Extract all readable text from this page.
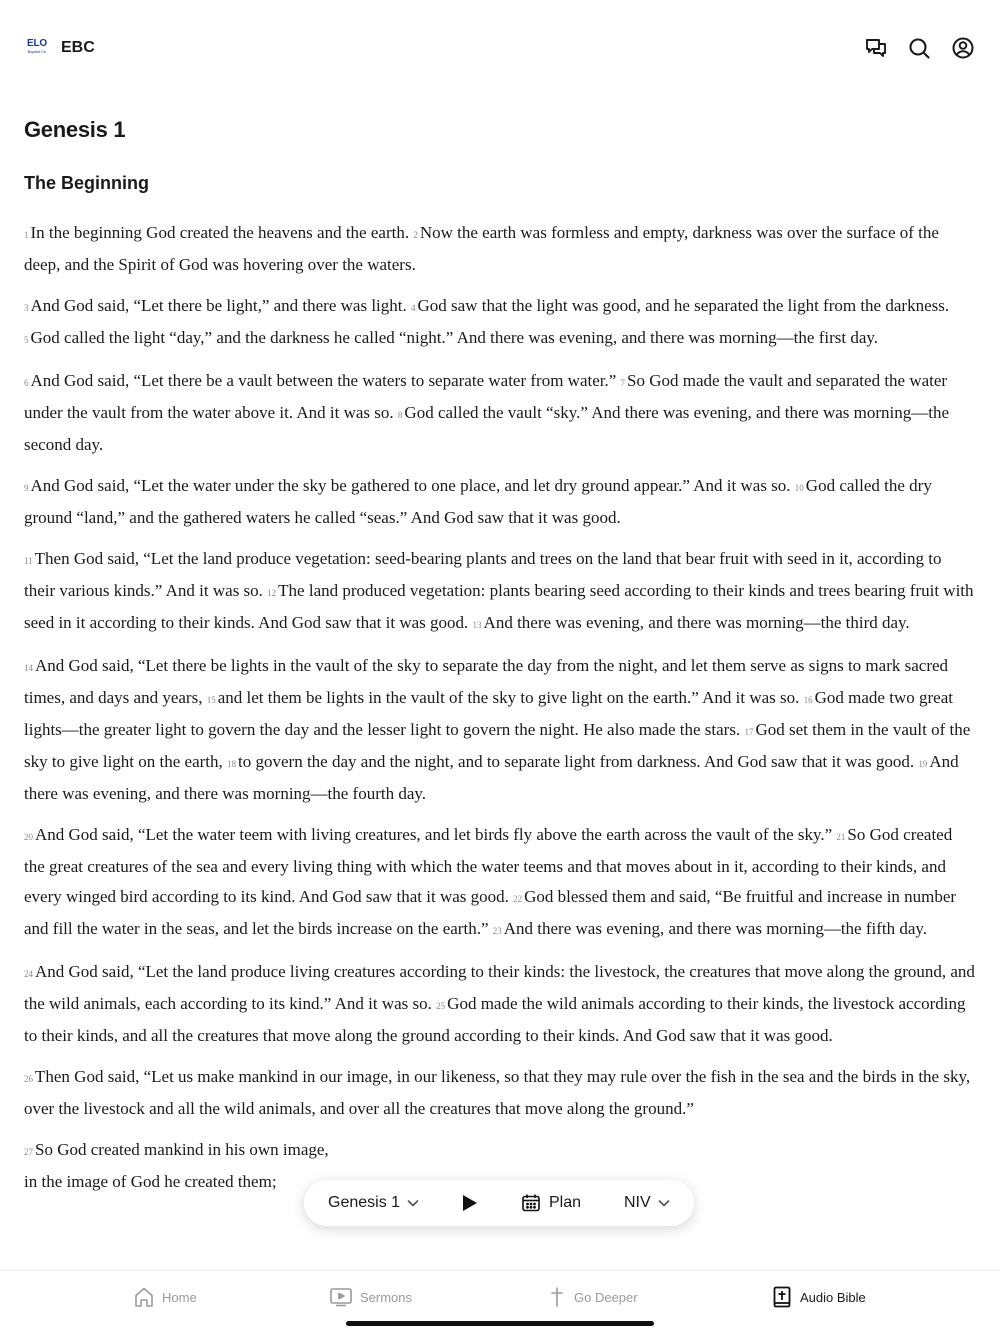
ELO
Baptist Ch EBC
Genesis 1
The Beginning

1 In the beginning God created the heavens and the earth. 2 Now the earth was formless and empty, darkness was over the surface of the deep, and the Spirit of God was hovering over the waters.

3 And God said, “Let there be light,” and there was light. 4 God saw that the light was good, and he separated the light from the darkness. 5 God called the light “day,” and the darkness he called “night.” And there was evening, and there was morning—the first day.

6 And God said, “Let there be a vault between the waters to separate water from water.” 7 So God made the vault and separated the water under the vault from the water above it. And it was so. 8 God called the vault “sky.” And there was evening, and there was morning—the second day.

9 And God said, “Let the water under the sky be gathered to one place, and let dry ground appear.” And it was so. 10 God called the dry ground “land,” and the gathered waters he called “seas.” And God saw that it was good.

11 Then God said, “Let the land produce vegetation: seed-bearing plants and trees on the land that bear fruit with seed in it, according to their various kinds.” And it was so. 12 The land produced vegetation: plants bearing seed according to their kinds and trees bearing fruit with seed in it according to their kinds. And God saw that it was good. 13 And there was evening, and there was morning—the third day.

14 And God said, “Let there be lights in the vault of the sky to separate the day from the night, and let them serve as signs to mark sacred times, and days and years, 15 and let them be lights in the vault of the sky to give light on the earth.” And it was so. 16 God made two great lights—the greater light to govern the day and the lesser light to govern the night. He also made the stars. 17 God set them in the vault of the sky to give light on the earth, 18 to govern the day and the night, and to separate light from darkness. And God saw that it was good. 19 And there was evening, and there was morning—the fourth day.

20 And God said, “Let the water teem with living creatures, and let birds fly above the earth across the vault of the sky.” 21 So God created the great creatures of the sea and every living thing with which the water teems and that moves about in it, according to their kinds, and every winged bird according to its kind. And God saw that it was good. 22 God blessed them and said, “Be fruitful and increase in number and fill the water in the seas, and let the birds increase on the earth.” 23 And there was evening, and there was morning—the fifth day.

24 And God said, “Let the land produce living creatures according to their kinds: the livestock, the creatures that move along the ground, and the wild animals, each according to its kind.” And it was so. 25 God made the wild animals according to their kinds, the livestock according to their kinds, and all the creatures that move along the ground according to their kinds. And God saw that it was good.

26 Then God said, “Let us make mankind in our image, in our likeness, so that they may rule over the fish in the sea and the birds in the sky, over the livestock and all the wild animals, and over all the creatures that move along the ground.”

27 So God created mankind in his own image,
in the image of God he created them;

Genesis 1	Plan	NIV
Home	Sermons	Go Deeper	Audio Bible
